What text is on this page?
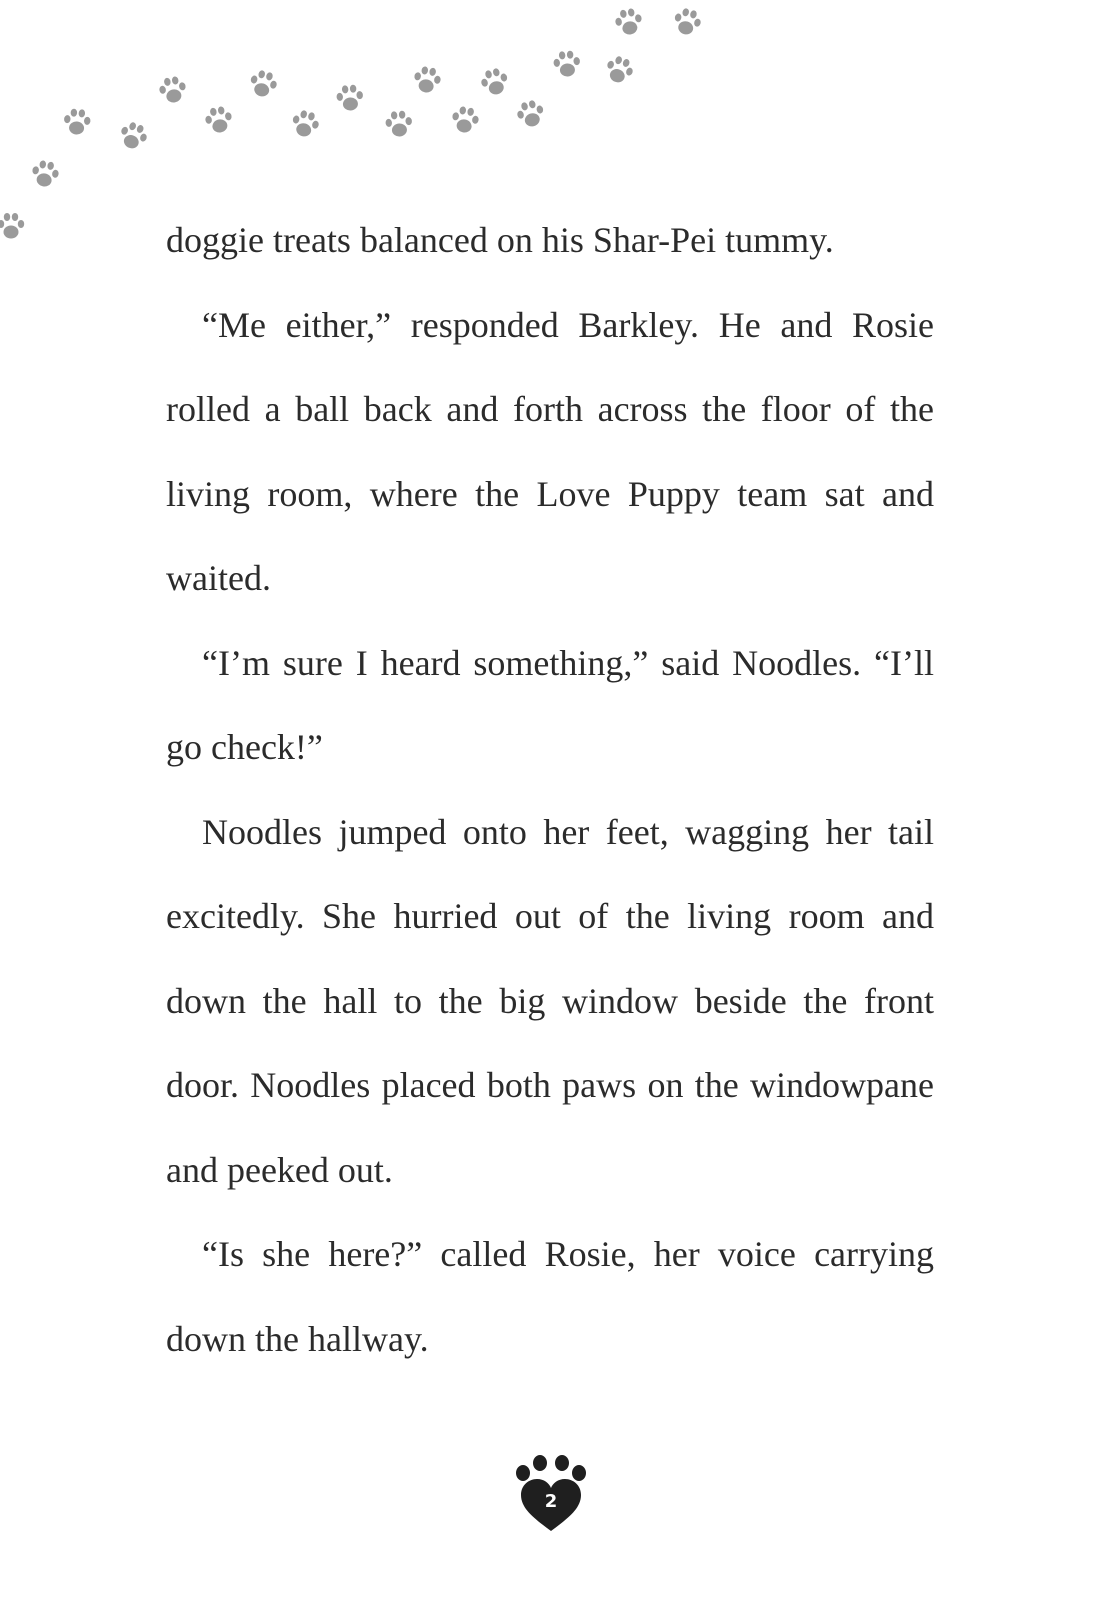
doggie treats balanced on his Shar-Pei tummy.

“Me either,” responded Barkley. He and Rosie rolled a ball back and forth across the floor of the living room, where the Love Puppy team sat and waited.

“I’m sure I heard something,” said Noodles. “I’ll go check!”

Noodles jumped onto her feet, wagging her tail excitedly. She hurried out of the living room and down the hall to the big window beside the front door. Noodles placed both paws on the windowpane and peeked out.

“Is she here?” called Rosie, her voice carrying down the hallway.

2
